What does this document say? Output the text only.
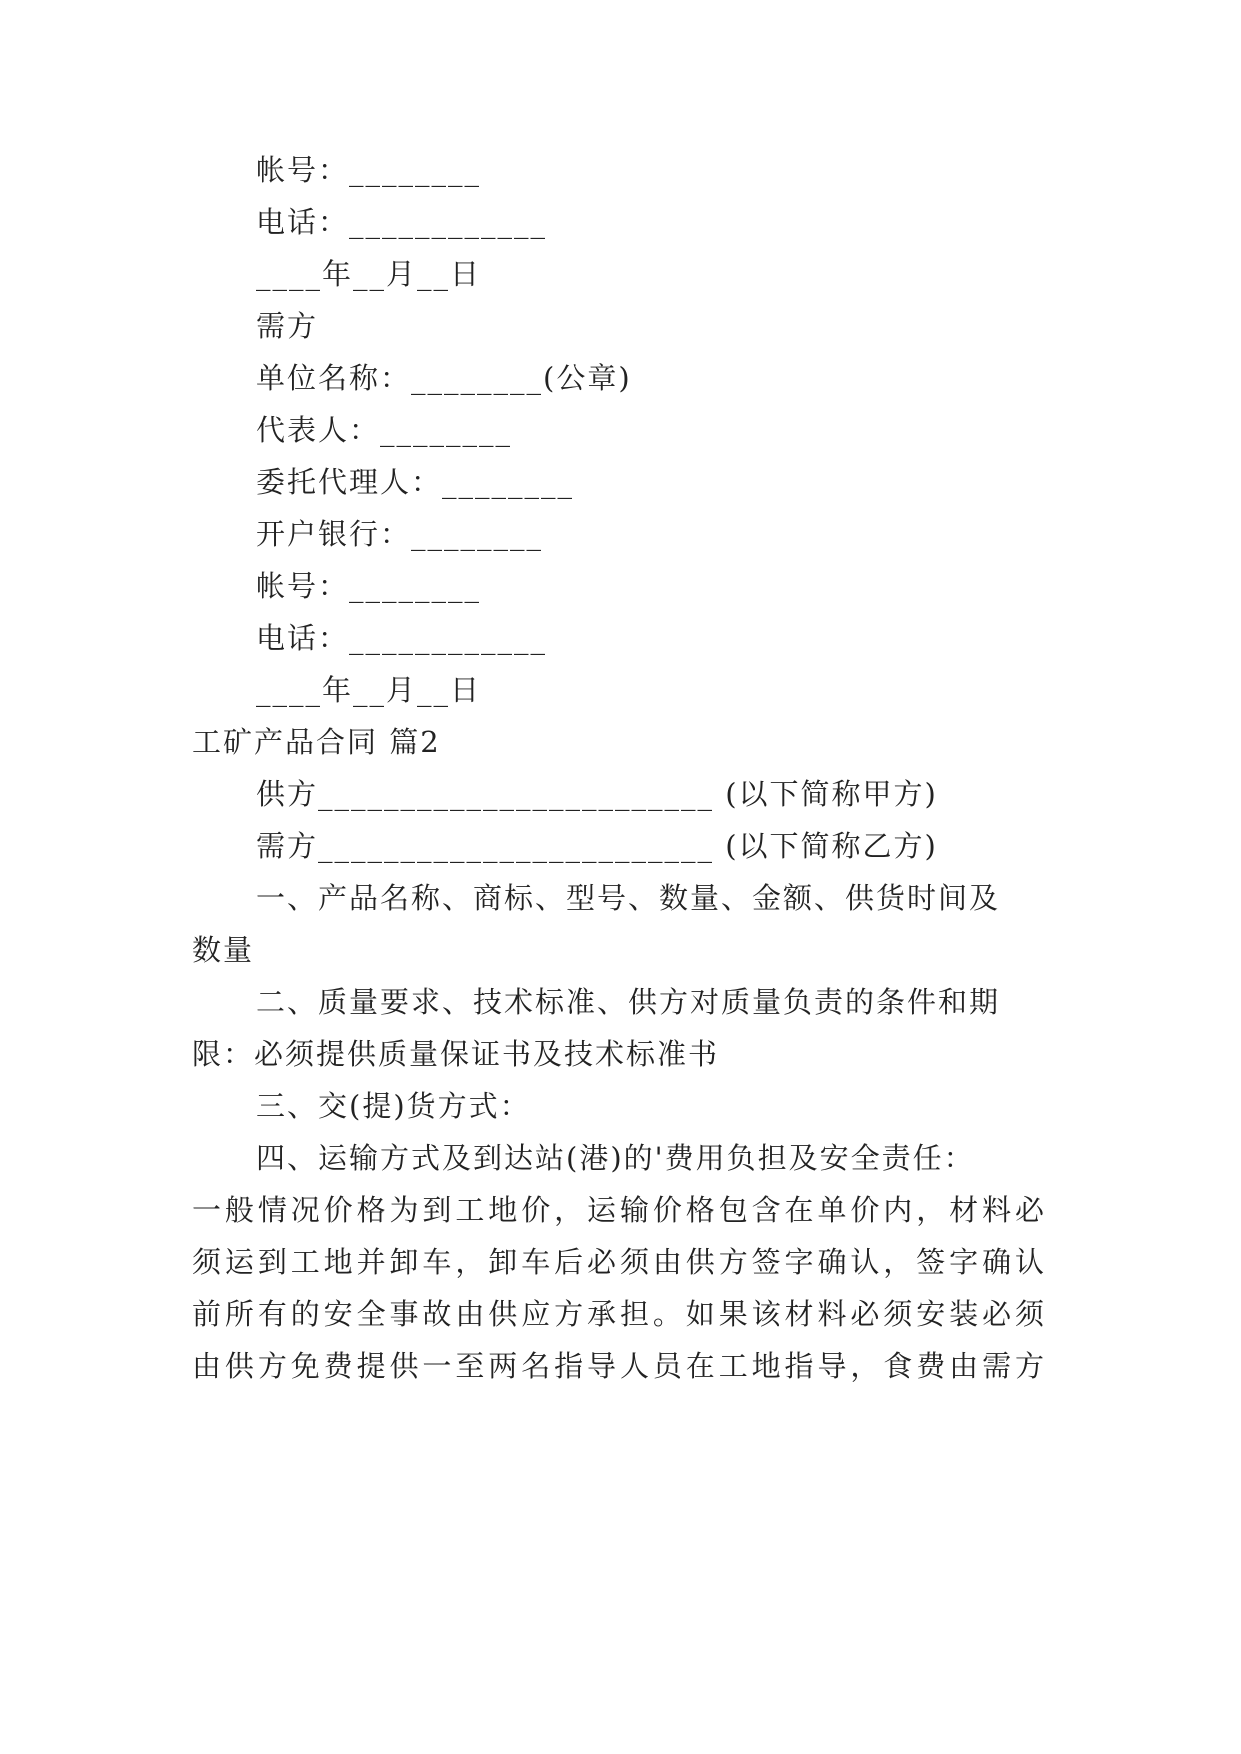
帐号：________
电话：____________
____年__月__日
需方
单位名称：________(公章)
代表人：________
委托代理人：________
开户银行：________
帐号：________
电话：____________
____年__月__日
工矿产品合同 篇2
供方________________________ (以下简称甲方)
需方________________________ (以下简称乙方)
一、产品名称、商标、型号、数量、金额、供货时间及
数量
二、质量要求、技术标准、供方对质量负责的条件和期
限：必须提供质量保证书及技术标准书
三、交(提)货方式：
四、运输方式及到达站(港)的'费用负担及安全责任：
一般情况价格为到工地价，运输价格包含在单价内，材料必
须运到工地并卸车，卸车后必须由供方签字确认，签字确认
前所有的安全事故由供应方承担。如果该材料必须安装必须
由供方免费提供一至两名指导人员在工地指导，食费由需方
